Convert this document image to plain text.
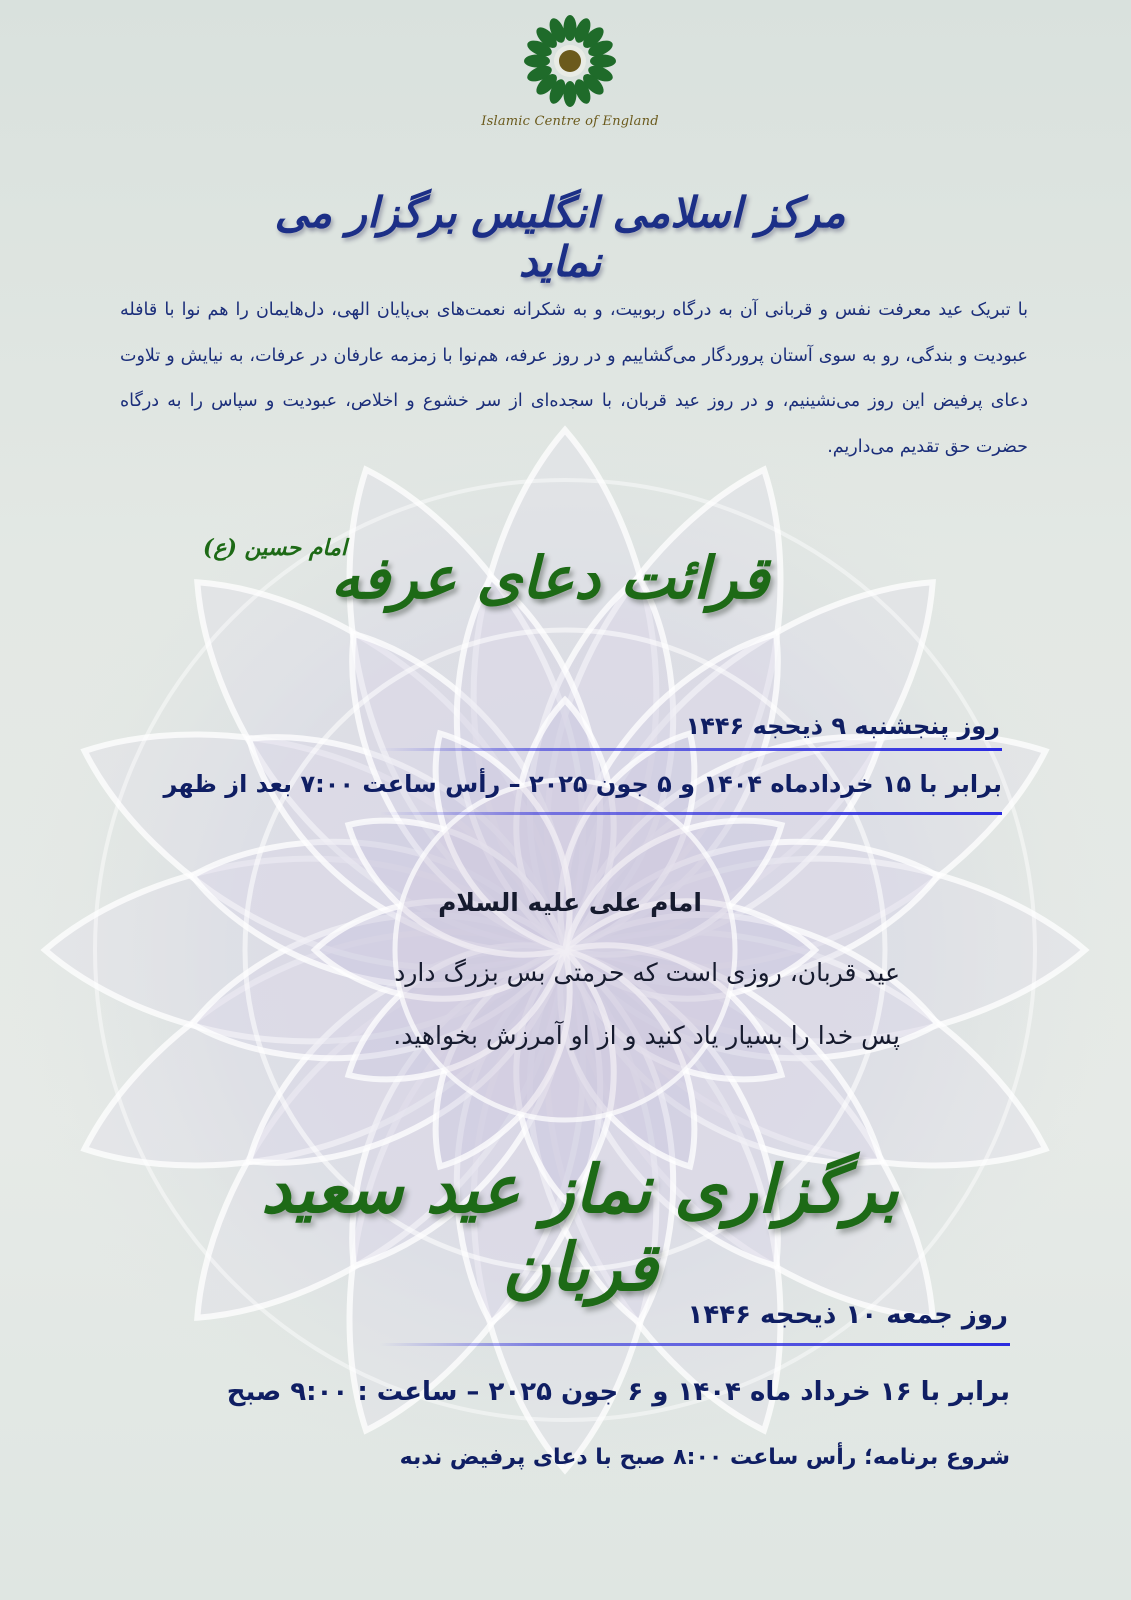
Islamic Centre of England
مرکز اسلامی انگلیس برگزار می نماید
با تبریک عید معرفت نفس و قربانی آن به درگاه ربوبیت، و به شکرانه نعمت‌های بی‌پایان الهی، دل‌هایمان را هم نوا با قافله عبودیت و بندگی، رو به سوی آستان پروردگار می‌گشاییم و در روز عرفه، هم‌نوا با زمزمه عارفان در عرفات، به نیایش و تلاوت دعای پرفیض این روز می‌نشینیم، و در روز عید قربان، با سجده‌ای از سر خشوع و اخلاص، عبودیت و سپاس را به درگاه حضرت حق تقدیم می‌داریم.
امام حسین (ع)
قرائت دعای عرفه
روز پنجشنبه ۹ ذیحجه ۱۴۴۶
برابر با ۱۵ خردادماه ۱۴۰۴ و ۵ جون ۲۰۲۵ – رأس ساعت ۷:۰۰ بعد از ظهر
امام علی علیه السلام
عید قربان، روزی است که حرمتی بس بزرگ دارد
پس خدا را بسیار یاد کنید و از او آمرزش بخواهید.
برگزاری نماز عید سعید قربان
روز جمعه ۱۰ ذیحجه ۱۴۴۶
برابر با ۱۶ خرداد ماه ۱۴۰۴ و ۶ جون ۲۰۲۵ – ساعت : ۹:۰۰ صبح
شروع برنامه؛ رأس ساعت ۸:۰۰ صبح با دعای پرفیض ندبه
